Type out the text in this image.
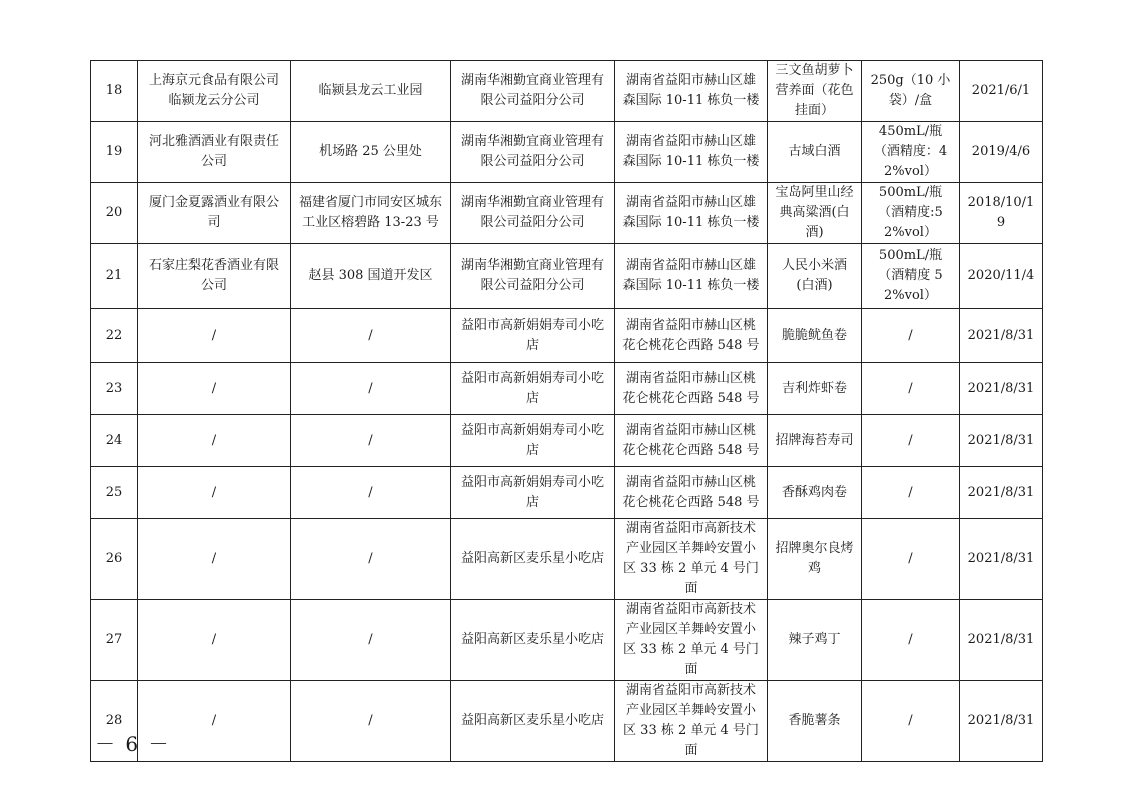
18	上海京元食品有限公司临颍龙云分公司	临颍县龙云工业园	湖南华湘勤宜商业管理有限公司益阳分公司	湖南省益阳市赫山区雄森国际 10-11 栋负一楼	三文鱼胡萝卜营养面（花色挂面）	250g（10 小袋）/盒	2021/6/1
19	河北雅酒酒业有限责任公司	机场路 25 公里处	湖南华湘勤宜商业管理有限公司益阳分公司	湖南省益阳市赫山区雄森国际 10-11 栋负一楼	古域白酒	450mL/瓶（酒精度：42%vol）	2019/4/6
20	厦门金夏露酒业有限公司	福建省厦门市同安区城东工业区榕碧路 13-23 号	湖南华湘勤宜商业管理有限公司益阳分公司	湖南省益阳市赫山区雄森国际 10-11 栋负一楼	宝岛阿里山经典高粱酒(白酒)	500mL/瓶（酒精度:52%vol）	2018/10/19
21	石家庄梨花香酒业有限公司	赵县 308 国道开发区	湖南华湘勤宜商业管理有限公司益阳分公司	湖南省益阳市赫山区雄森国际 10-11 栋负一楼	人民小米酒(白酒)	500mL/瓶（酒精度 52%vol）	2020/11/4
22	/	/	益阳市高新娟娟寿司小吃店	湖南省益阳市赫山区桃花仑桃花仑西路 548 号	脆脆鱿鱼卷	/	2021/8/31
23	/	/	益阳市高新娟娟寿司小吃店	湖南省益阳市赫山区桃花仑桃花仑西路 548 号	吉利炸虾卷	/	2021/8/31
24	/	/	益阳市高新娟娟寿司小吃店	湖南省益阳市赫山区桃花仑桃花仑西路 548 号	招牌海苔寿司	/	2021/8/31
25	/	/	益阳市高新娟娟寿司小吃店	湖南省益阳市赫山区桃花仑桃花仑西路 548 号	香酥鸡肉卷	/	2021/8/31
26	/	/	益阳高新区麦乐星小吃店	湖南省益阳市高新技术产业园区羊舞岭安置小区 33 栋 2 单元 4 号门面	招牌奥尔良烤鸡	/	2021/8/31
27	/	/	益阳高新区麦乐星小吃店	湖南省益阳市高新技术产业园区羊舞岭安置小区 33 栋 2 单元 4 号门面	辣子鸡丁	/	2021/8/31
28	/	/	益阳高新区麦乐星小吃店	湖南省益阳市高新技术产业园区羊舞岭安置小区 33 栋 2 单元 4 号门面	香脆薯条	/	2021/8/31
－ 6 －
